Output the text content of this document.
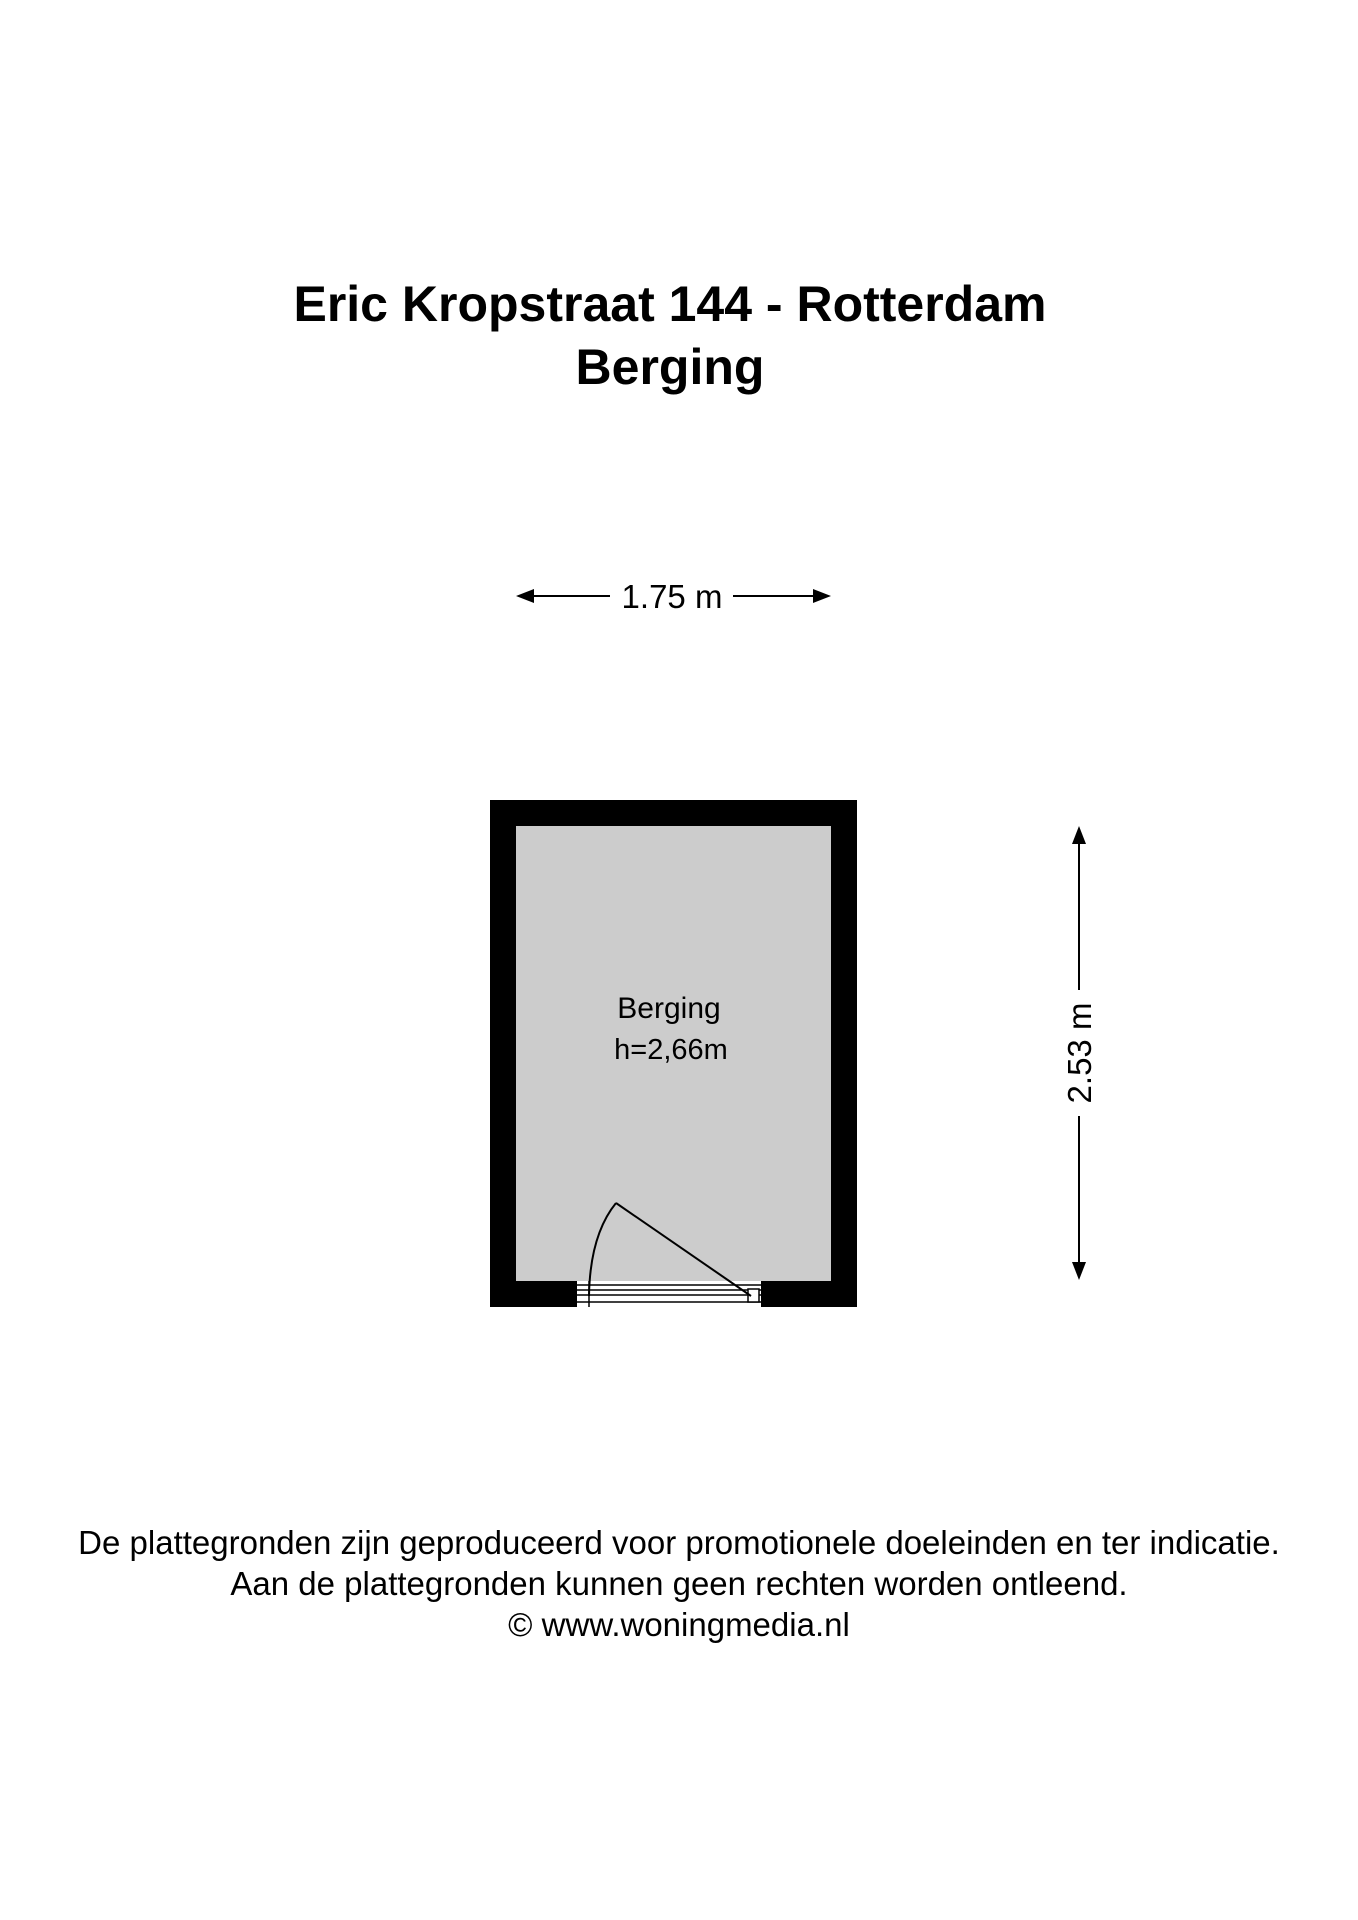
Eric Kropstraat 144 - Rotterdam
Berging
1.75 m
2.53 m
Berging
h=2,66m

De plattegronden zijn geproduceerd voor promotionele doeleinden en ter indicatie.

Aan de plattegronden kunnen geen rechten worden ontleend.

© www.woningmedia.nl
